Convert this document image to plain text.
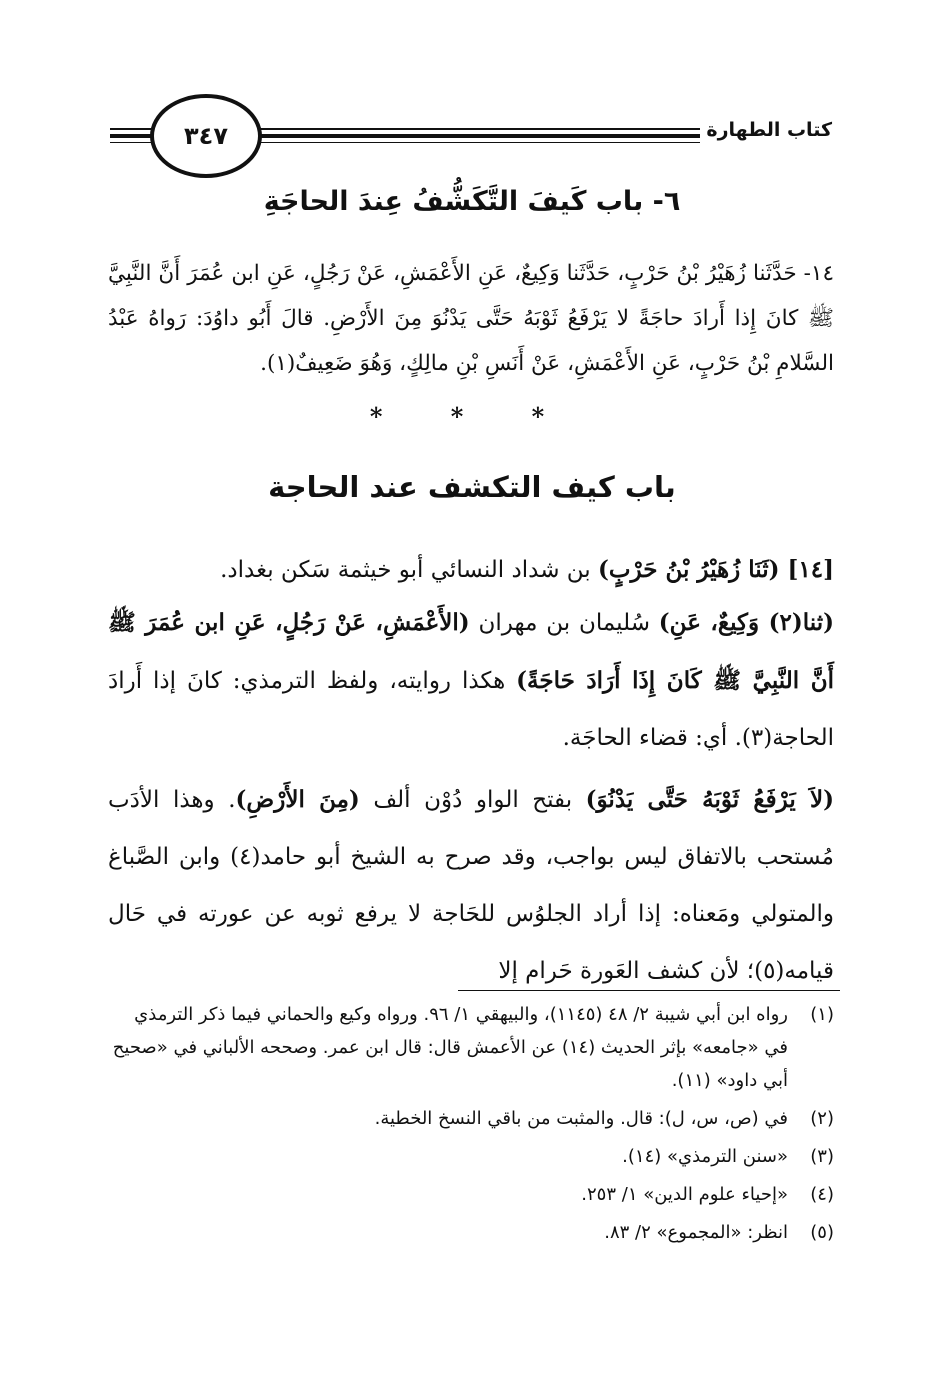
كتاب الطهارة
٣٤٧
٦- باب كَيفَ التَّكَشُّفُ عِندَ الحاجَةِ
١٤- حَدَّثَنا زُهَيْرُ بْنُ حَرْبٍ، حَدَّثَنا وَكِيعٌ، عَنِ الأَعْمَشِ، عَنْ رَجُلٍ، عَنِ ابن عُمَرَ أَنَّ النَّبِيَّ ﷺ كانَ إِذا أَرادَ حاجَةً لا يَرْفَعُ ثَوْبَهُ حَتَّى يَدْنُوَ مِنَ الأَرْضِ. قالَ أَبُو داوُدَ: رَواهُ عَبْدُ السَّلامِ بْنُ حَرْبٍ، عَنِ الأَعْمَشِ، عَنْ أَنَسِ بْنِ مالِكٍ، وَهُوَ ضَعِيفٌ(١).
* * *
باب كيف التكشف عند الحاجة
[١٤] (ثَنَا زُهَيْرُ بْنُ حَرْبٍ) بن شداد النسائي أبو خيثمة سَكن بغداد.
(ثنا(٢) وَكِيعٌ، عَنِ) سُليمان بن مهران (الأَعْمَشِ، عَنْ رَجُلٍ، عَنِ ابن عُمَرَ ﷺ أَنَّ النَّبِيَّ ﷺ كَانَ إِذَا أَرَادَ حَاجَةً) هكذا روايته، ولفظ الترمذي: كانَ إذا أَرادَ الحاجة(٣). أي: قضاء الحاجَة.
(لاَ يَرْفَعُ ثَوْبَهُ حَتَّى يَدْنُوَ) بفتح الواو دُوْن ألف (مِنَ الأَرْضِ). وهذا الأدَب مُستحب بالاتفاق ليس بواجب، وقد صرح به الشيخ أبو حامد(٤) وابن الصَّباغ والمتولي ومَعناه: إذا أراد الجلوُس للحَاجة لا يرفع ثوبه عن عورته في حَال قيامه(٥)؛ لأن كشف العَورة حَرام إلا
(١)
رواه ابن أبي شيبة ٢/ ٤٨ (١١٤٥)، والبيهقي ١/ ٩٦. ورواه وكيع والحماني فيما ذكر الترمذي في «جامعه» بإثر الحديث (١٤) عن الأعمش قال: قال ابن عمر. وصححه الألباني في «صحيح أبي داود» (١١).
(٢)
في (ص، س، ل): قال. والمثبت من باقي النسخ الخطية.
(٣)
«سنن الترمذي» (١٤).
(٤)
«إحياء علوم الدين» ١/ ٢٥٣.
(٥)
انظر: «المجموع» ٢/ ٨٣.
